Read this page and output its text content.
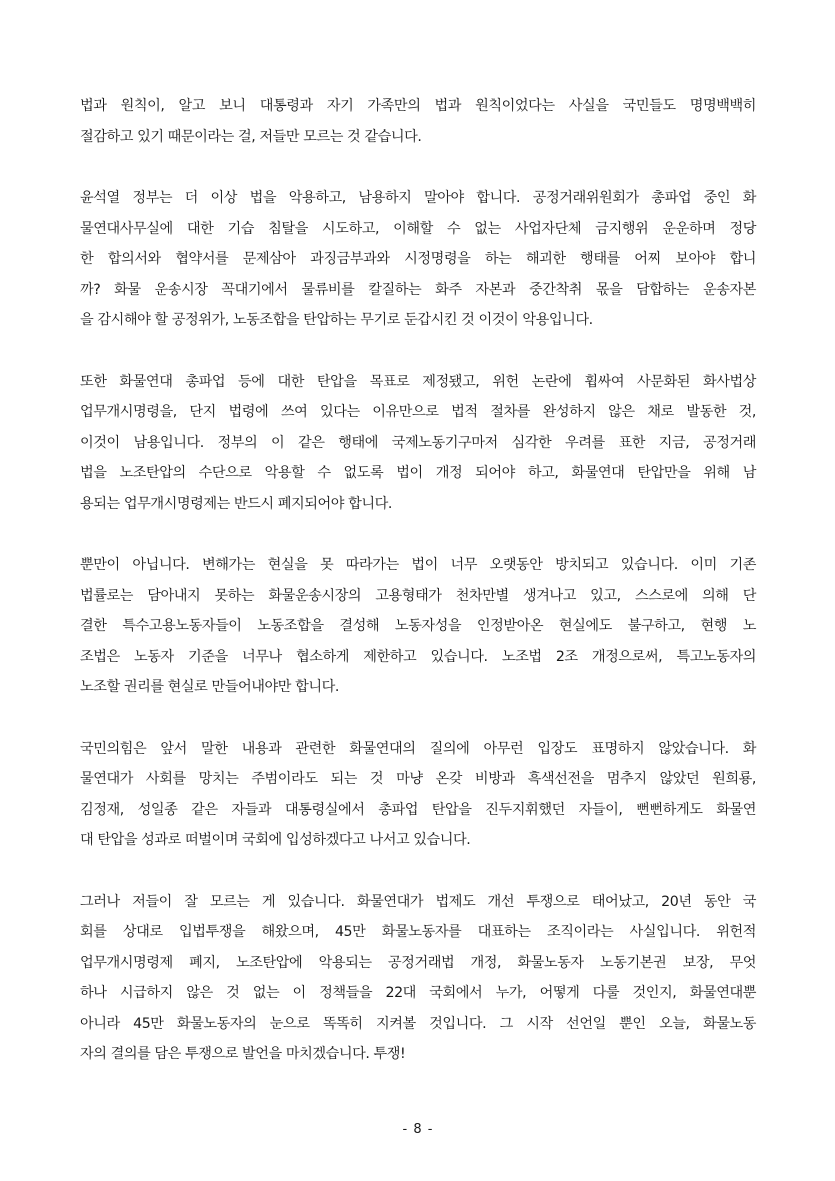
법과 원칙이, 알고 보니 대통령과 자기 가족만의 법과 원칙이었다는 사실을 국민들도 명명백백히
절감하고 있기 때문이라는 걸, 저들만 모르는 것 같습니다.
윤석열 정부는 더 이상 법을 악용하고, 남용하지 말아야 합니다. 공정거래위원회가 총파업 중인 화
물연대사무실에 대한 기습 침탈을 시도하고, 이해할 수 없는 사업자단체 금지행위 운운하며 정당
한 합의서와 협약서를 문제삼아 과징금부과와 시정명령을 하는 해괴한 행태를 어찌 보아야 합니
까? 화물 운송시장 꼭대기에서 물류비를 칼질하는 화주 자본과 중간착취 몫을 담합하는 운송자본
을 감시해야 할 공정위가, 노동조합을 탄압하는 무기로 둔갑시킨 것 이것이 악용입니다.
또한 화물연대 총파업 등에 대한 탄압을 목표로 제정됐고, 위헌 논란에 휩싸여 사문화된 화사법상
업무개시명령을, 단지 법령에 쓰여 있다는 이유만으로 법적 절차를 완성하지 않은 채로 발동한 것,
이것이 남용입니다. 정부의 이 같은 행태에 국제노동기구마저 심각한 우려를 표한 지금, 공정거래
법을 노조탄압의 수단으로 악용할 수 없도록 법이 개정 되어야 하고, 화물연대 탄압만을 위해 남
용되는 업무개시명령제는 반드시 폐지되어야 합니다.
뿐만이 아닙니다. 변해가는 현실을 못 따라가는 법이 너무 오랫동안 방치되고 있습니다. 이미 기존
법률로는 담아내지 못하는 화물운송시장의 고용형태가 천차만별 생겨나고 있고, 스스로에 의해 단
결한 특수고용노동자들이 노동조합을 결성해 노동자성을 인정받아온 현실에도 불구하고, 현행 노
조법은 노동자 기준을 너무나 협소하게 제한하고 있습니다. 노조법 2조 개정으로써, 특고노동자의
노조할 권리를 현실로 만들어내야만 합니다.
국민의힘은 앞서 말한 내용과 관련한 화물연대의 질의에 아무런 입장도 표명하지 않았습니다. 화
물연대가 사회를 망치는 주범이라도 되는 것 마냥 온갖 비방과 흑색선전을 멈추지 않았던 원희룡,
김정재, 성일종 같은 자들과 대통령실에서 총파업 탄압을 진두지휘했던 자들이, 뻔뻔하게도 화물연
대 탄압을 성과로 떠벌이며 국회에 입성하겠다고 나서고 있습니다.
그러나 저들이 잘 모르는 게 있습니다. 화물연대가 법제도 개선 투쟁으로 태어났고, 20년 동안 국
회를 상대로 입법투쟁을 해왔으며, 45만 화물노동자를 대표하는 조직이라는 사실입니다. 위헌적
업무개시명령제 폐지, 노조탄압에 악용되는 공정거래법 개정, 화물노동자 노동기본권 보장, 무엇
하나 시급하지 않은 것 없는 이 정책들을 22대 국회에서 누가, 어떻게 다룰 것인지, 화물연대뿐
아니라 45만 화물노동자의 눈으로 똑똑히 지켜볼 것입니다. 그 시작 선언일 뿐인 오늘, 화물노동
자의 결의를 담은 투쟁으로 발언을 마치겠습니다. 투쟁!
- 8 -
